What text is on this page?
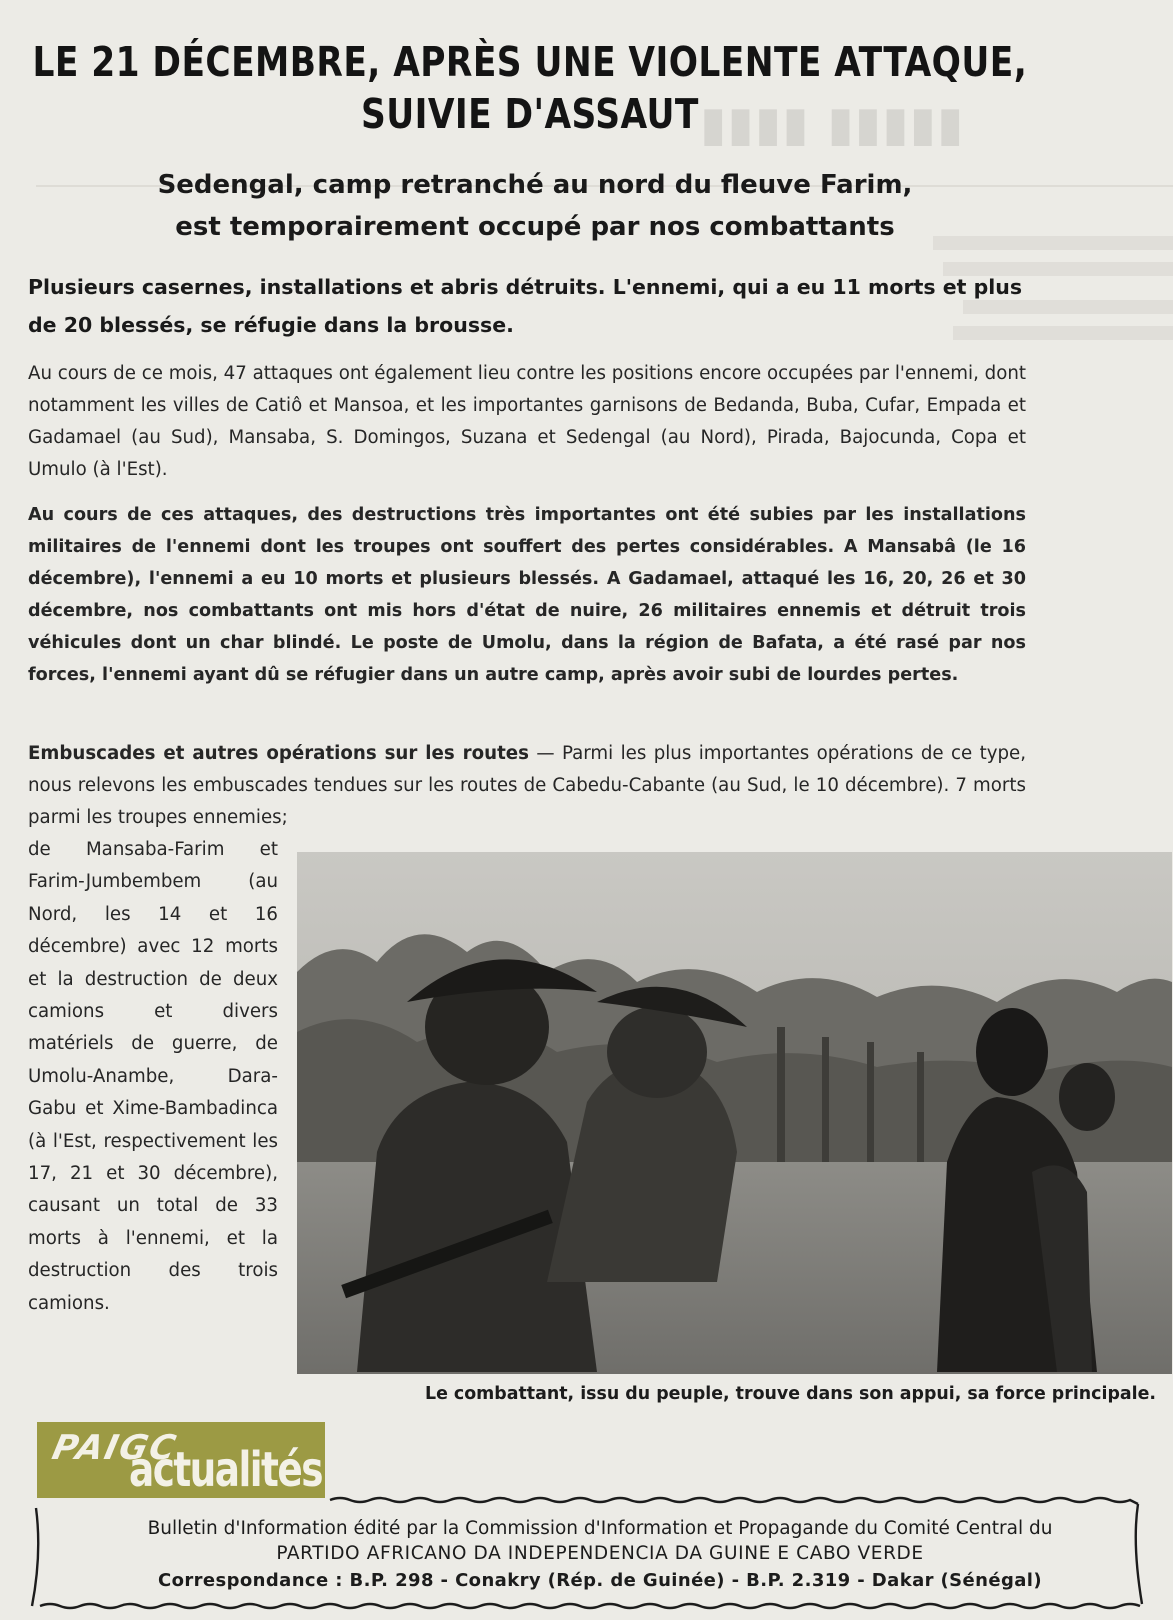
▮▮▮▮ ▮▮▮▮▮
LE 21 DÉCEMBRE, APRÈS UNE VIOLENTE ATTAQUE,
SUIVIE D'ASSAUT
Sedengal, camp retranché au nord du fleuve Farim,
est temporairement occupé par nos combattants
Plusieurs casernes, installations et abris détruits. L'ennemi, qui a eu 11 morts et plus de 20 blessés, se réfugie dans la brousse.
Au cours de ce mois, 47 attaques ont également lieu contre les positions encore occupées par l'ennemi, dont notamment les villes de Catiô et Mansoa, et les importantes garnisons de Bedanda, Buba, Cufar, Empada et Gadamael (au Sud), Mansaba, S. Domingos, Suzana et Sedengal (au Nord), Pirada, Bajocunda, Copa et Umulo (à l'Est).
Au cours de ces attaques, des destructions très importantes ont été subies par les installations militaires de l'ennemi dont les troupes ont souffert des pertes considérables. A Mansabâ (le 16 décembre), l'ennemi a eu 10 morts et plusieurs blessés. A Gadamael, attaqué les 16, 20, 26 et 30 décembre, nos combattants ont mis hors d'état de nuire, 26 militaires ennemis et détruit trois véhicules dont un char blindé. Le poste de Umolu, dans la région de Bafata, a été rasé par nos forces, l'ennemi ayant dû se réfugier dans un autre camp, après avoir subi de lourdes pertes.
Embuscades et autres opérations sur les routes — Parmi les plus importantes opérations de ce type, nous relevons les embuscades tendues sur les routes de Cabedu-Cabante (au Sud, le 10 décembre). 7 morts parmi les troupes ennemies;
de Mansaba-Farim et Farim-Jumbembem (au Nord, les 14 et 16 décembre) avec 12 morts et la destruction de deux camions et divers matériels de guerre, de Umolu-Anambe, Dara-Gabu et Xime-Bambadinca (à l'Est, respectivement les 17, 21 et 30 décembre), causant un total de 33 morts à l'ennemi, et la destruction des trois camions.
Le combattant, issu du peuple, trouve dans son appui, sa force principale.
PAIGC
actualités
Bulletin d'Information édité par la Commission d'Information et Propagande du Comité Central du
PARTIDO AFRICANO DA INDEPENDENCIA DA GUINE E CABO VERDE
Correspondance : B.P. 298 - Conakry (Rép. de Guinée) - B.P. 2.319 - Dakar (Sénégal)
